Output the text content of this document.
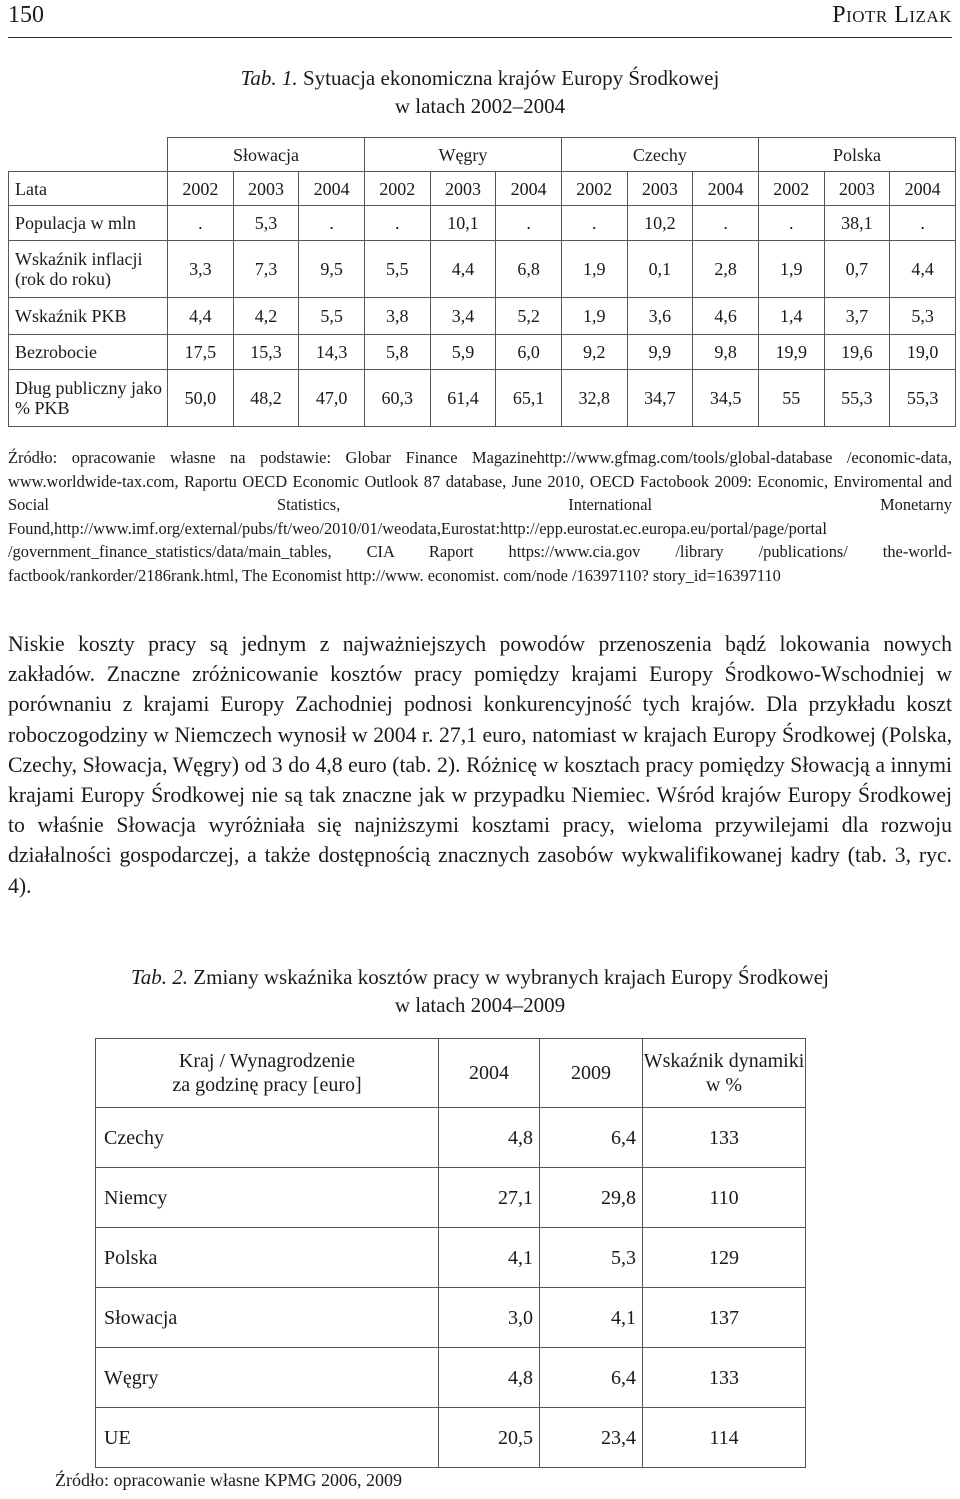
150	Piotr Lizak
Tab. 1. Sytuacja ekonomiczna krajów Europy Środkowej
w latach 2002–2004
	Słowacja			Węgry			Czechy			Polska		
Lata	2002	2003	2004	2002	2003	2004	2002	2003	2004	2002	2003	2004
Populacja w mln	.	5,3	.	.	10,1	.	.	10,2	.	.	38,1	.
Wskaźnik inflacji (rok do roku)	3,3	7,3	9,5	5,5	4,4	6,8	1,9	0,1	2,8	1,9	0,7	4,4
Wskaźnik PKB	4,4	4,2	5,5	3,8	3,4	5,2	1,9	3,6	4,6	1,4	3,7	5,3
Bezrobocie	17,5	15,3	14,3	5,8	5,9	6,0	9,2	9,9	9,8	19,9	19,6	19,0
Dług publiczny jako % PKB	50,0	48,2	47,0	60,3	61,4	65,1	32,8	34,7	34,5	55	55,3	55,3
Źródło: opracowanie własne na podstawie: Globar Finance Magazinehttp://www.gfmag.com/tools/global-database /economic-data, www.worldwide-tax.com, Raportu OECD Economic Outlook 87 database, June 2010, OECD Factobook 2009: Economic, Enviromental and Social Statistics, International Monetarny Found,http://www.imf.org/external/pubs/ft/weo/2010/01/weodata,Eurostat:http://epp.eurostat.ec.europa.eu/portal/page/portal /government_finance_statistics/data/main_tables, CIA Raport https://www.cia.gov /library /publications/ the-world-factbook/rankorder/2186rank.html, The Economist http://www. economist. com/node /16397110? story_id=16397110
Niskie koszty pracy są jednym z najważniejszych powodów przenoszenia bądź lokowania nowych zakładów. Znaczne zróżnicowanie kosztów pracy pomiędzy krajami Europy Środkowo-Wschodniej w porównaniu z krajami Europy Zachodniej podnosi konkurencyjność tych krajów. Dla przykładu koszt roboczogodziny w Niemczech wynosił w 2004 r. 27,1 euro, natomiast w krajach Europy Środkowej (Polska, Czechy, Słowacja, Węgry) od 3 do 4,8 euro (tab. 2). Różnicę w kosztach pracy pomiędzy Słowacją a innymi krajami Europy Środkowej nie są tak znaczne jak w przypadku Niemiec. Wśród krajów Europy Środkowej to właśnie Słowacja wyróżniała się najniższymi kosztami pracy, wieloma przywilejami dla rozwoju działalności gospodarczej, a także dostępnością znacznych zasobów wykwalifikowanej kadry (tab. 3, ryc. 4).
Tab. 2. Zmiany wskaźnika kosztów pracy w wybranych krajach Europy Środkowej
w latach 2004–2009
Kraj / Wynagrodzenie
za godzinę pracy [euro]	2004	2009	Wskaźnik dynamiki
w %
Czechy	4,8	6,4	133
Niemcy	27,1	29,8	110
Polska	4,1	5,3	129
Słowacja	3,0	4,1	137
Węgry	4,8	6,4	133
UE	20,5	23,4	114
Źródło: opracowanie własne KPMG 2006, 2009
